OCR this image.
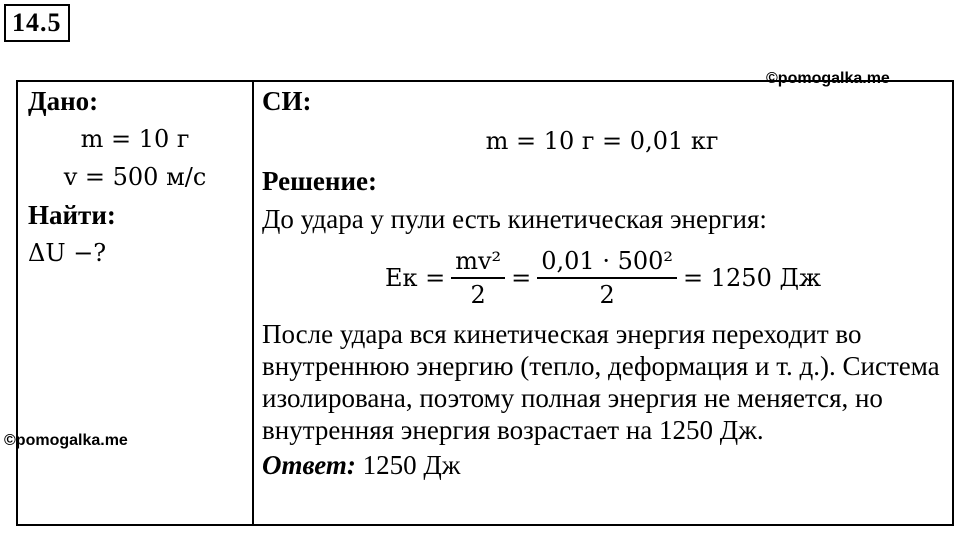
14.5
©pomogalka.me
Дано:
m = 10 г
v = 500 м/с
Найти:
ΔU −?

СИ:
m = 10 г = 0,01 кг
Решение:
До удара у пули есть кинетическая энергия:
Eк = $\frac{\text{mv²}}{2} = \frac{\text{0,01 · 500²}}{2} = 1250$ Дж
После удара вся кинетическая энергия переходит во внутреннюю энергию (тепло, деформация и т. д.). Система изолирована, поэтому полная энергия не меняется, но внутренняя энергия возрастает на 1250 Дж.
Ответ: 1250 Дж
©pomogalka.me
